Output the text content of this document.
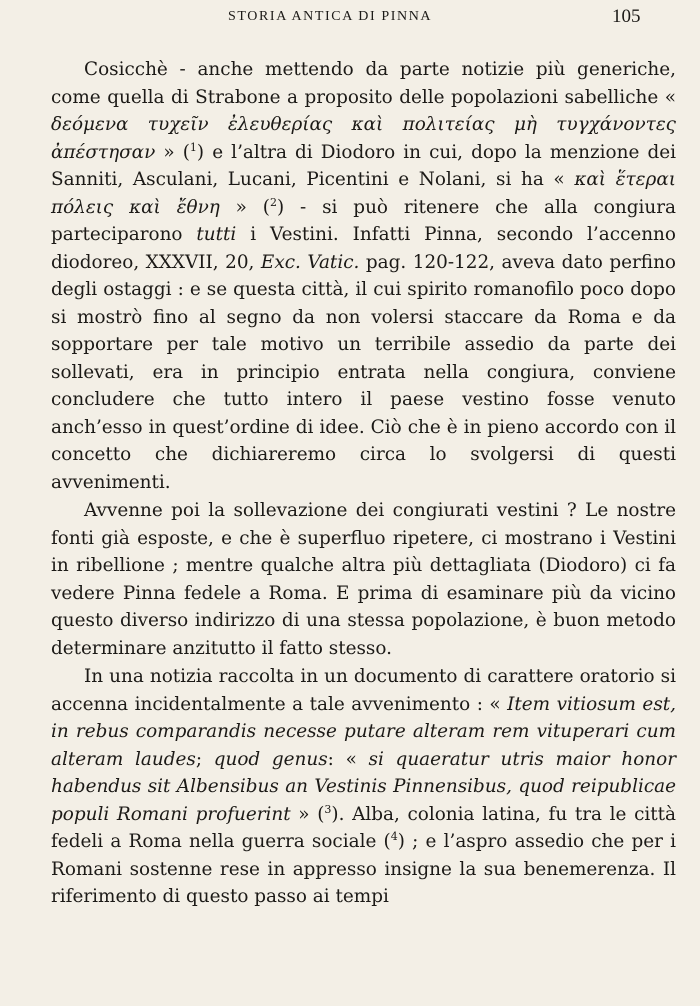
STORIA ANTICA DI PINNA	105

Cosicchè - anche mettendo da parte notizie più generiche, come quella di Strabone a proposito delle popolazioni sabelliche « δεόμενα τυχεῖν ἐλευθερίας καὶ πολιτείας μὴ τυγχάνοντες ἀπέστησαν » ($^1$) e l’altra di Diodoro in cui, dopo la menzione dei Sanniti, Asculani, Lucani, Picentini e Nolani, si ha « καὶ ἕτεραι πόλεις καὶ ἔθνη » ($^2$) - si può ritenere che alla congiura parteciparono tutti i Vestini. Infatti Pinna, secondo l’accenno diodoreo, XXXVII, 20, Exc. Vatic. pag. 120-122, aveva dato perfino degli ostaggi : e se questa città, il cui spirito romanofilo poco dopo si mostrò fino al segno da non volersi staccare da Roma e da sopportare per tale motivo un terribile assedio da parte dei sollevati, era in principio entrata nella congiura, conviene concludere che tutto intero il paese vestino fosse venuto anch’esso in quest’ordine di idee. Ciò che è in pieno accordo con il concetto che dichiareremo circa lo svolgersi di questi avvenimenti.

Avvenne poi la sollevazione dei congiurati vestini ? Le nostre fonti già esposte, e che è superfluo ripetere, ci mostrano i Vestini in ribellione ; mentre qualche altra più dettagliata (Diodoro) ci fa vedere Pinna fedele a Roma. E prima di esaminare più da vicino questo diverso indirizzo di una stessa popolazione, è buon metodo determinare anzitutto il fatto stesso.

In una notizia raccolta in un documento di carattere oratorio si accenna incidentalmente a tale avvenimento : « Item vitiosum est, in rebus comparandis necesse putare alteram rem vituperari cum alteram laudes; quod genus: « si quaeratur utris maior honor habendus sit Albensibus an Vestinis Pinnensibus, quod reipublicae populi Romani profuerint » ($^3$). Alba, colonia latina, fu tra le città fedeli a Roma nella guerra sociale ($^4$) ; e l’aspro assedio che per i Romani sostenne rese in appresso insigne la sua benemerenza. Il riferimento di questo passo ai tempi
